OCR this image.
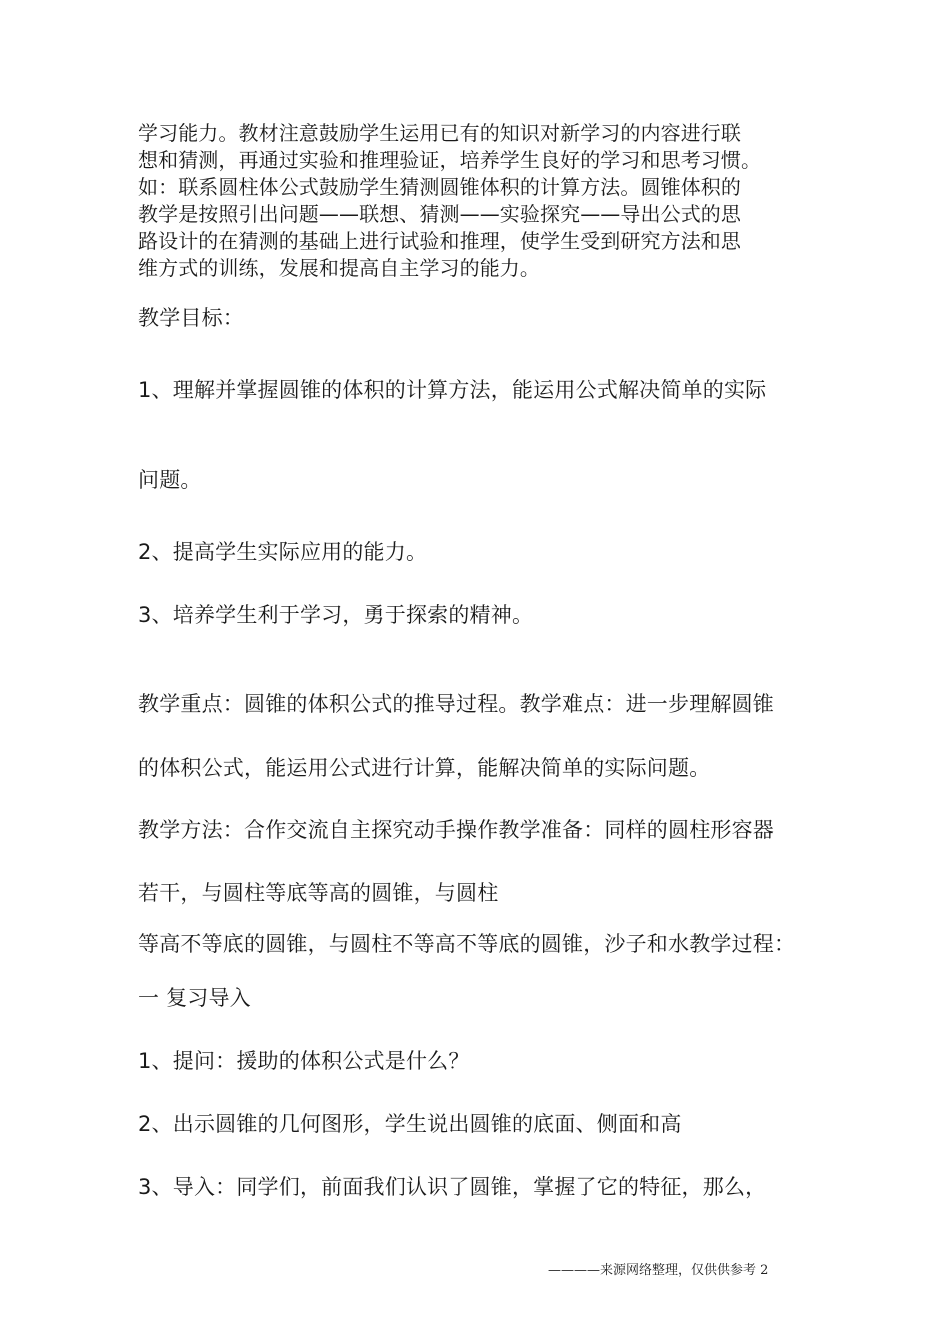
学习能力。教材注意鼓励学生运用已有的知识对新学习的内容进行联
想和猜测，再通过实验和推理验证，培养学生良好的学习和思考习惯。
如：联系圆柱体公式鼓励学生猜测圆锥体积的计算方法。圆锥体积的
教学是按照引出问题——联想、猜测——实验探究——导出公式的思
路设计的在猜测的基础上进行试验和推理，使学生受到研究方法和思
维方式的训练，发展和提高自主学习的能力。
教学目标：
1、理解并掌握圆锥的体积的计算方法，能运用公式解决简单的实际
问题。
2、提高学生实际应用的能力。
3、培养学生利于学习，勇于探索的精神。
教学重点：圆锥的体积公式的推导过程。教学难点：进一步理解圆锥
的体积公式，能运用公式进行计算，能解决简单的实际问题。
教学方法：合作交流自主探究动手操作教学准备：同样的圆柱形容器
若干，与圆柱等底等高的圆锥，与圆柱
等高不等底的圆锥，与圆柱不等高不等底的圆锥，沙子和水教学过程：
一 复习导入
1、提问：援助的体积公式是什么？
2、出示圆锥的几何图形，学生说出圆锥的底面、侧面和高
3、导入：同学们，前面我们认识了圆锥，掌握了它的特征，那么，
————来源网络整理，仅供供参考 2
